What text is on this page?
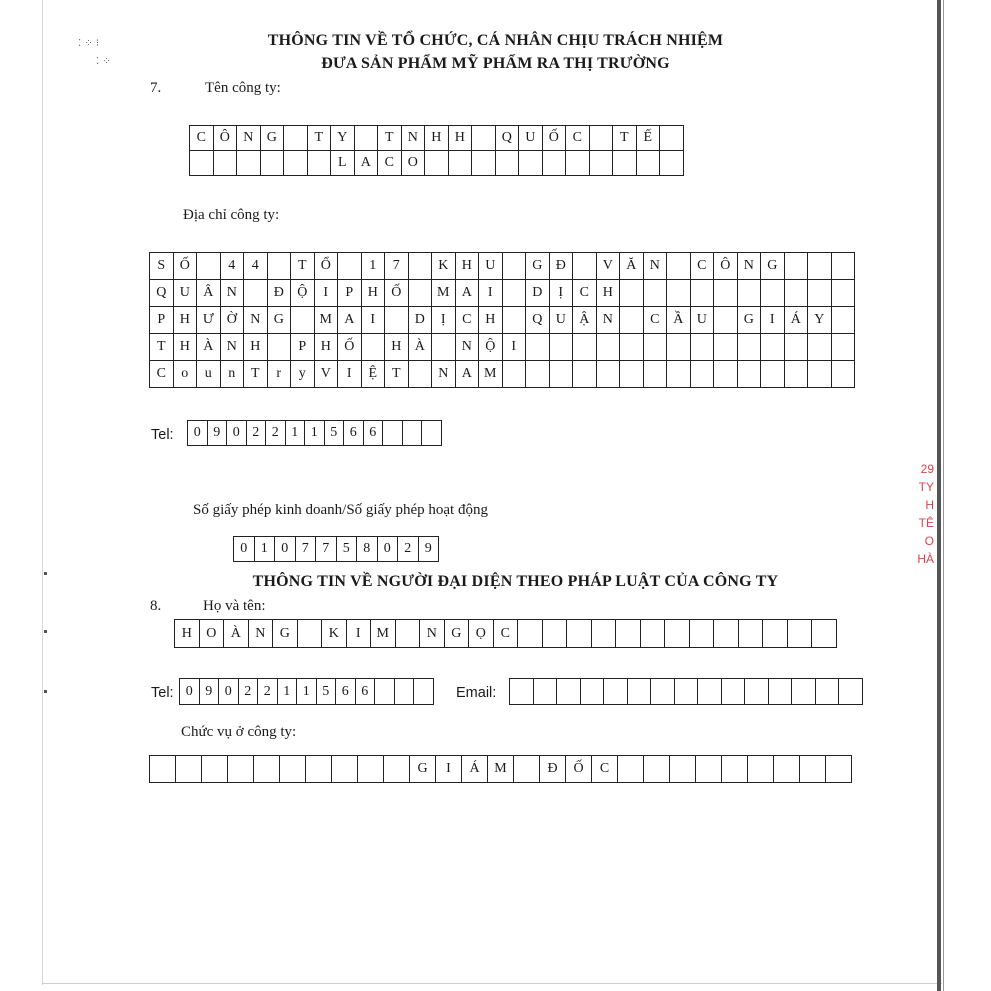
⁚ ⁘ ⁝
⁚ ⁘
THÔNG TIN VỀ TỔ CHỨC, CÁ NHÂN CHỊU TRÁCH NHIỆM
ĐƯA SẢN PHẨM MỸ PHẨM RA THỊ TRƯỜNG
7.	Tên công ty:
C Ô N G	T	Y	T	N H H	Q U Ố C	T	Ế
L	A C O
Địa chỉ công ty:
S	Ố	4	4	T	Ổ	1	7	K H U	G Đ	V Ă N	C Ô N G
Q U Â N	Đ Ộ	I	P	H Ố	M A	I	D	Ị	C H
P	H Ư Ờ N G	M A	I	D	Ị	C H	Q U Ậ N	C Ầ U	G	I	Á Y
T	H À N H	P	H Ố	H À	N Ộ	I
C	o	u	n	T	r	y	V	I	Ệ	T	N A M
Tel:	0 9 0 2 2 1 1 5 6 6
Số giấy phép kinh doanh/Số giấy phép hoạt động
0 1 0 7 7 5 8 0 2 9
THÔNG TIN VỀ NGƯỜI ĐẠI DIỆN THEO PHÁP LUẬT CỦA CÔNG TY
8.	Họ và tên:
H	O	À	N	G	K	I	M	N	G	Ọ	C
Tel: 0 9 0 2 2 1 1 5 6 6	Email:
Chức vụ ở công ty:
G	I	Á	M	Đ	Ố	C
29
TY
H
TÊ
O
HÀ
